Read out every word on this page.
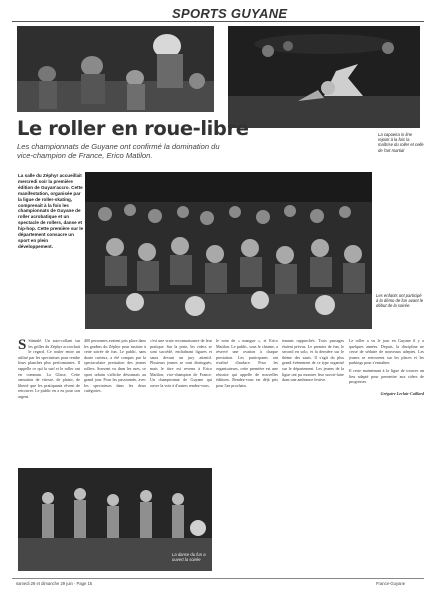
SPORTS GUYANE
Le roller en roue-libre
Les championnats de Guyane ont confirmé la domination du vice-champion de France, Erico Matilon.
La capoeira in line rejoint à la fois la maîtrise du roller et celle de l'art martial
La salle du Zéphyr accueillait mercredi soir la première édition de Guyan'accro. Cette manifestation, organisée par la ligue de roller-skating, comprenait à la fois les championnats de Guyane de roller acrobatique et un spectacle de rollers, danse et hip-hop. Cette première sur le département consacre un sport en plein développement.
Les enfants ont participé à la démo de fun avant le début de la soirée.
S Stimulé. Un auto-collant sur les grilles du Zéphyr accrochait le regard. Ce rouler entre un utilisé par les spectateurs pour rendre leurs planches plus performantes. Il rappelle ce qui la surf et le roller ont en commun. La Glisse. Cette sensation de vitesse, de plaisir, de liberté que les pratiquants rêvent de retrouver. Le public en a eu pour son argent.
400 personnes avaient pris place dans les gradins du Zéphyr pour assister à cette soirée de fun. Le public, sans doute curieux, a été conquis par la spectaculaire prestation des jeunes rollers. Souvent vu dans les rues, ce sport urbain s'affiche désormais au grand jour. Pour les passionnés, avec les spectateurs dans les deux catégories.
c'est une vraie reconnaissance de leur pratique. Sur la piste, les riders se sont succédé, enchaînant figures et sauts devant un jury attentif. Plusieurs jeunes se sont distingués, mais le titre est revenu à Erico Matilon, vice-champion de France. Un championnat de Guyane qui ouvre la voie à d'autres rendez-vous.
le nom de « mangue », et Erico Matilon. Le public, sous le charme, a réservé une ovation à chaque prestation. Les participants ont rivalisé d'audace. Pour les organisateurs, cette première est une réussite qui appelle de nouvelles éditions. Rendez-vous est déjà pris pour l'an prochain.
tenants rapprochés. Trois passages étaient prévus. Le premier de fun, le second en solo, et la dernière sur le thème des sauts. Il s'agit du plus grand événement de ce type organisé sur le département. Les jeunes de la ligue ont pu montrer leur savoir-faire dans une ambiance festive.

Le roller a vu le jour en Guyane il y a quelques années. Depuis, la discipline ne cesse de séduire de nouveaux adeptes. Les jeunes se retrouvent sur les places et les parkings pour s'entraîner.

Il reste maintenant à la ligue de trouver un lieu adapté pour permettre aux riders de progresser.

Grégoire Leclair-Caillard
La danse du fun a ouvert la soirée
samedi 28 et dimanche 29 juin · Page 15	France-Guyane
